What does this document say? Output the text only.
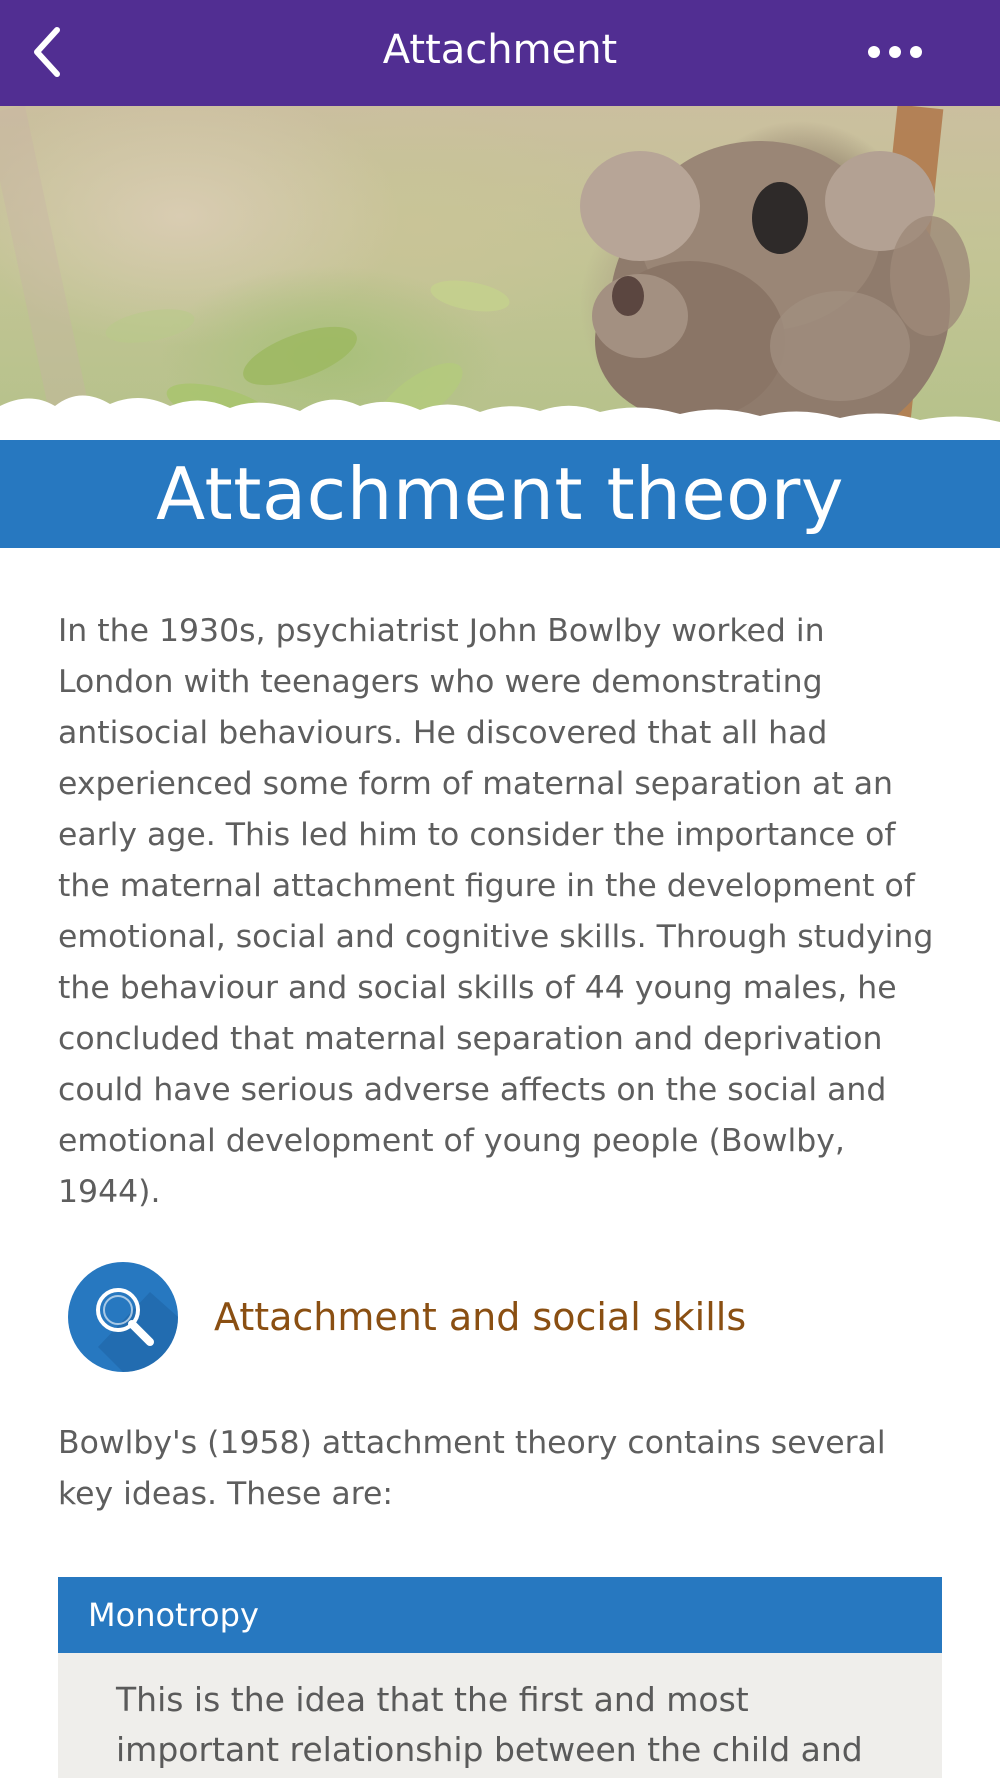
Attachment
Attachment theory

In the 1930s, psychiatrist John Bowlby worked in London with teenagers who were demonstrating antisocial behaviours. He discovered that all had experienced some form of maternal separation at an early age. This led him to consider the importance of the maternal attachment figure in the development of emotional, social and cognitive skills. Through studying the behaviour and social skills of 44 young males, he concluded that maternal separation and deprivation could have serious adverse affects on the social and emotional development of young people (Bowlby, 1944).

Attachment and social skills

Bowlby's (1958) attachment theory contains several key ideas. These are:

Monotropy

This is the idea that the first and most important relationship between the child and
